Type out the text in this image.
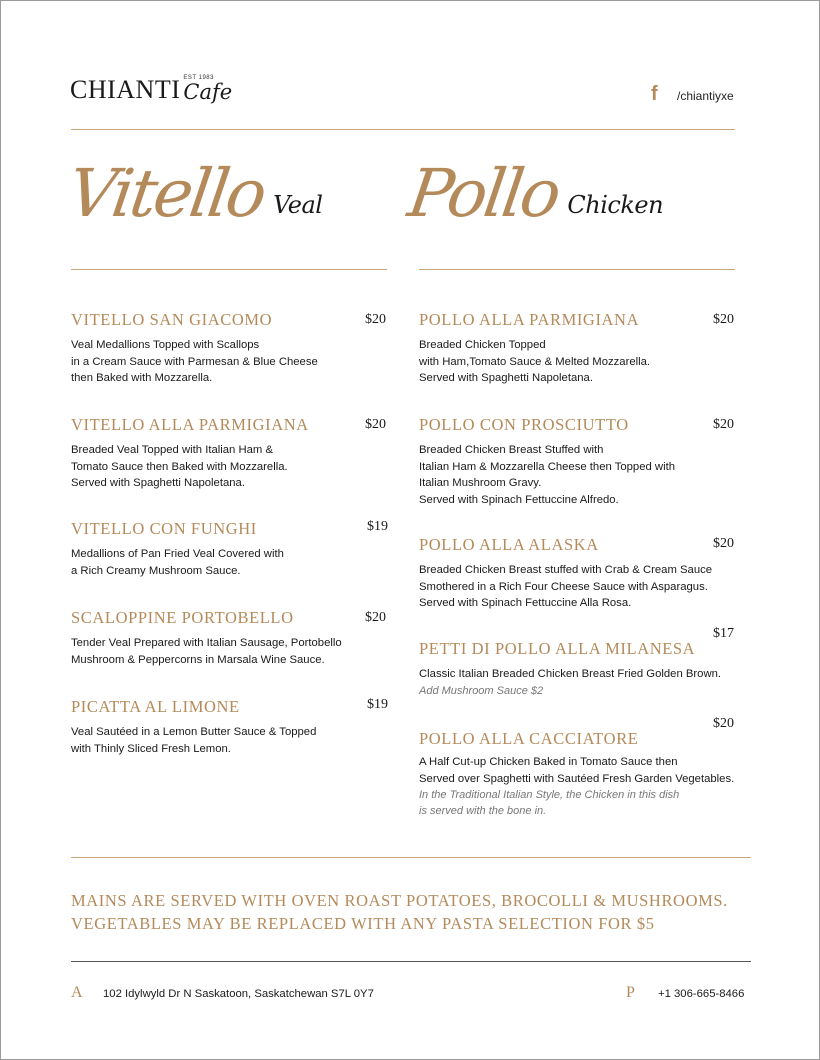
CHIANTI EST 1983
Cafe	f	/chiantiyxe
Vitello Veal Pollo Chicken
VITELLO SAN GIACOMO	$20
Veal Medallions Topped with Scallops
in a Cream Sauce with Parmesan & Blue Cheese
then Baked with Mozzarella.
VITELLO ALLA PARMIGIANA	$20
Breaded Veal Topped with Italian Ham &
Tomato Sauce then Baked with Mozzarella.
Served with Spaghetti Napoletana.
VITELLO CON FUNGHI	$19
Medallions of Pan Fried Veal Covered with
a Rich Creamy Mushroom Sauce.
SCALOPPINE PORTOBELLO	$20
Tender Veal Prepared with Italian Sausage, Portobello
Mushroom & Peppercorns in Marsala Wine Sauce.
PICATTA AL LIMONE	$19
Veal Sautéed in a Lemon Butter Sauce & Topped
with Thinly Sliced Fresh Lemon.
POLLO ALLA PARMIGIANA	$20
Breaded Chicken Topped
with Ham,Tomato Sauce & Melted Mozzarella.
Served with Spaghetti Napoletana.
POLLO CON PROSCIUTTO	$20
Breaded Chicken Breast Stuffed with
Italian Ham & Mozzarella Cheese then Topped with
Italian Mushroom Gravy.
Served with Spinach Fettuccine Alfredo.
POLLO ALLA ALASKA	$20
Breaded Chicken Breast stuffed with Crab & Cream Sauce
Smothered in a Rich Four Cheese Sauce with Asparagus.
Served with Spinach Fettuccine Alla Rosa.
PETTI DI POLLO ALLA MILANESA
$17
Classic Italian Breaded Chicken Breast Fried Golden Brown.
Add Mushroom Sauce $2
POLLO ALLA CACCIATORE
$20
A Half Cut-up Chicken Baked in Tomato Sauce then
Served over Spaghetti with Sautéed Fresh Garden Vegetables.
In the Traditional Italian Style, the Chicken in this dish
is served with the bone in.
MAINS ARE SERVED WITH OVEN ROAST POTATOES, BROCOLLI & MUSHROOMS.
VEGETABLES MAY BE REPLACED WITH ANY PASTA SELECTION FOR $5
A 102 Idylwyld Dr N Saskatoon, Saskatchewan S7L 0Y7	P +1 306-665-8466
